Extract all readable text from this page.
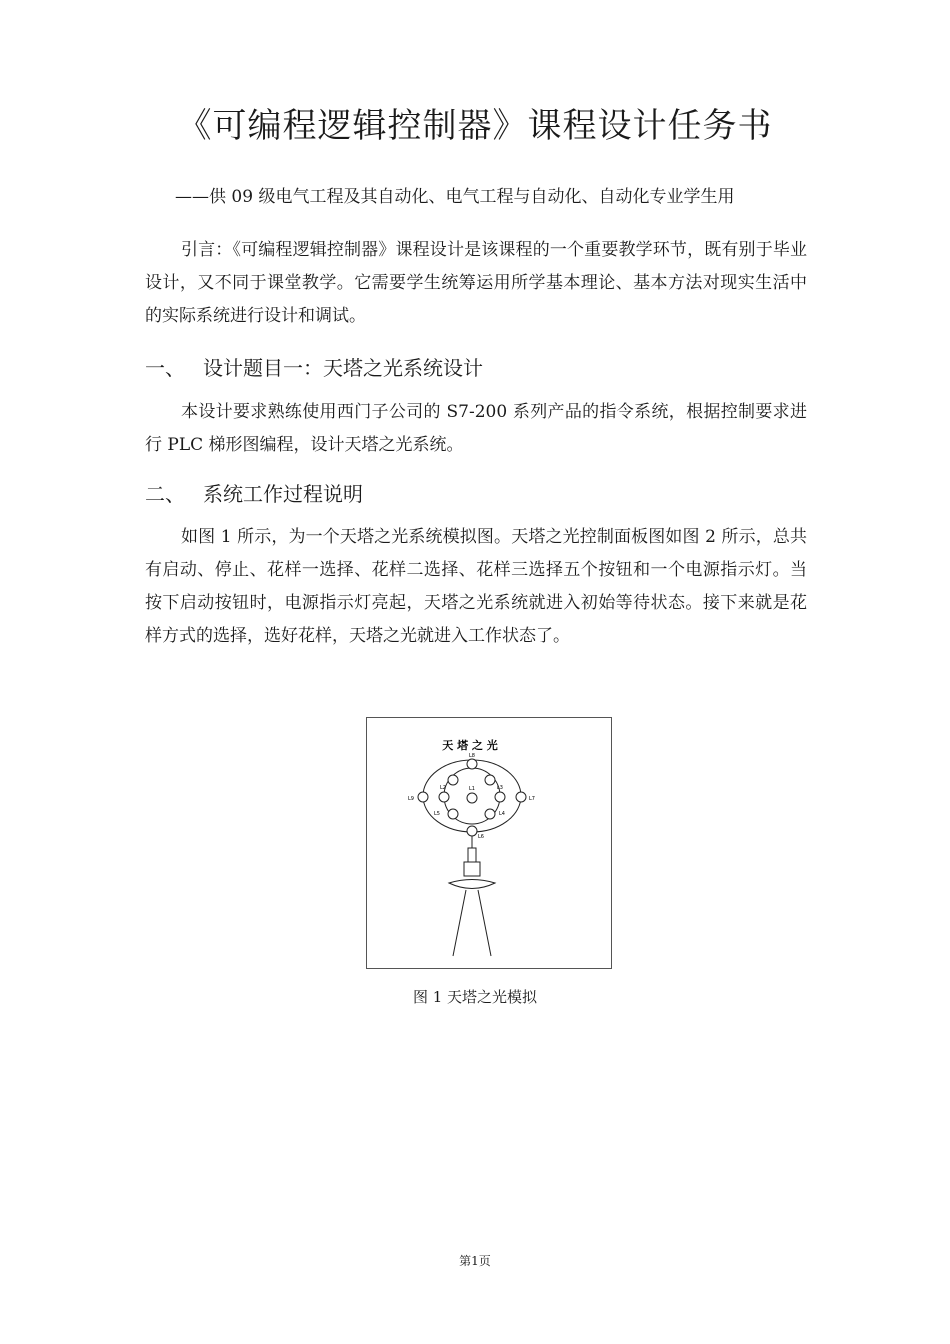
《可编程逻辑控制器》课程设计任务书
——供 09 级电气工程及其自动化、电气工程与自动化、自动化专业学生用

引言：《可编程逻辑控制器》课程设计是该课程的一个重要教学环节，既有别于毕业设计，又不同于课堂教学。它需要学生统筹运用所学基本理论、基本方法对现实生活中的实际系统进行设计和调试。

一、 设计题目一：天塔之光系统设计

本设计要求熟练使用西门子公司的 S7-200 系列产品的指令系统，根据控制要求进行 PLC 梯形图编程，设计天塔之光系统。

二、 系统工作过程说明

如图 1 所示，为一个天塔之光系统模拟图。天塔之光控制面板图如图 2 所示，总共有启动、停止、花样一选择、花样二选择、花样三选择五个按钮和一个电源指示灯。当按下启动按钮时，电源指示灯亮起，天塔之光系统就进入初始等待状态。接下来就是花样方式的选择，选好花样，天塔之光就进入工作状态了。

天 塔 之 光
L8
L2	L3
L1
L5	L4
L9	L7
L6
图 1 天塔之光模拟
第1页
